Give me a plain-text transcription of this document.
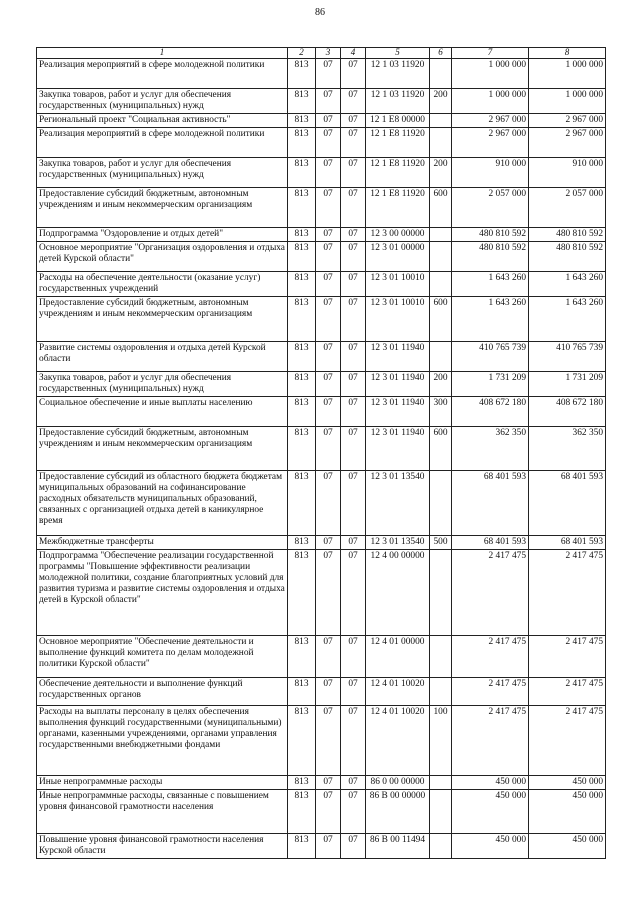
86
1	2	3	4	5	6	7	8
Реализация мероприятий в сфере молодежной политики	813	07	07	12 1 03 11920		1 000 000	1 000 000
Закупка товаров, работ и услуг для обеспечения государственных (муниципальных) нужд	813	07	07	12 1 03 11920	200	1 000 000	1 000 000
Региональный проект "Социальная активность"	813	07	07	12 1 E8 00000		2 967 000	2 967 000
Реализация мероприятий в сфере молодежной политики	813	07	07	12 1 E8 11920		2 967 000	2 967 000
Закупка товаров, работ и услуг для обеспечения государственных (муниципальных) нужд	813	07	07	12 1 E8 11920	200	910 000	910 000
Предоставление субсидий бюджетным, автономным учреждениям и иным некоммерческим организациям	813	07	07	12 1 E8 11920	600	2 057 000	2 057 000
Подпрограмма "Оздоровление и отдых детей"	813	07	07	12 3 00 00000		480 810 592	480 810 592
Основное мероприятие "Организация оздоровления и отдыха детей Курской области"	813	07	07	12 3 01 00000		480 810 592	480 810 592
Расходы на обеспечение деятельности (оказание услуг) государственных учреждений	813	07	07	12 3 01 10010		1 643 260	1 643 260
Предоставление субсидий бюджетным, автономным учреждениям и иным некоммерческим организациям	813	07	07	12 3 01 10010	600	1 643 260	1 643 260
Развитие системы оздоровления и отдыха детей Курской области	813	07	07	12 3 01 11940		410 765 739	410 765 739
Закупка товаров, работ и услуг для обеспечения государственных (муниципальных) нужд	813	07	07	12 3 01 11940	200	1 731 209	1 731 209
Социальное обеспечение и иные выплаты населению	813	07	07	12 3 01 11940	300	408 672 180	408 672 180
Предоставление субсидий бюджетным, автономным учреждениям и иным некоммерческим организациям	813	07	07	12 3 01 11940	600	362 350	362 350
Предоставление субсидий из областного бюджета бюджетам муниципальных образований на софинансирование расходных обязательств муниципальных образований, связанных с организацией отдыха детей в каникулярное время	813	07	07	12 3 01 13540		68 401 593	68 401 593
Межбюджетные трансферты	813	07	07	12 3 01 13540	500	68 401 593	68 401 593
Подпрограмма "Обеспечение реализации государственной программы "Повышение эффективности реализации молодежной политики, создание благоприятных условий для развития туризма и развитие системы оздоровления и отдыха детей в Курской области"	813	07	07	12 4 00 00000		2 417 475	2 417 475
Основное мероприятие "Обеспечение деятельности и выполнение функций комитета по делам молодежной политики Курской области"	813	07	07	12 4 01 00000		2 417 475	2 417 475
Обеспечение деятельности и выполнение функций государственных органов	813	07	07	12 4 01 10020		2 417 475	2 417 475
Расходы на выплаты персоналу в целях обеспечения выполнения функций государственными (муниципальными) органами, казенными учреждениями, органами управления государственными внебюджетными фондами	813	07	07	12 4 01 10020	100	2 417 475	2 417 475
Иные непрограммные расходы	813	07	07	86 0 00 00000		450 000	450 000
Иные непрограммные расходы, связанные с повышением уровня финансовой грамотности населения	813	07	07	86 В 00 00000		450 000	450 000
Повышение уровня финансовой грамотности населения Курской области	813	07	07	86 В 00 11494		450 000	450 000
